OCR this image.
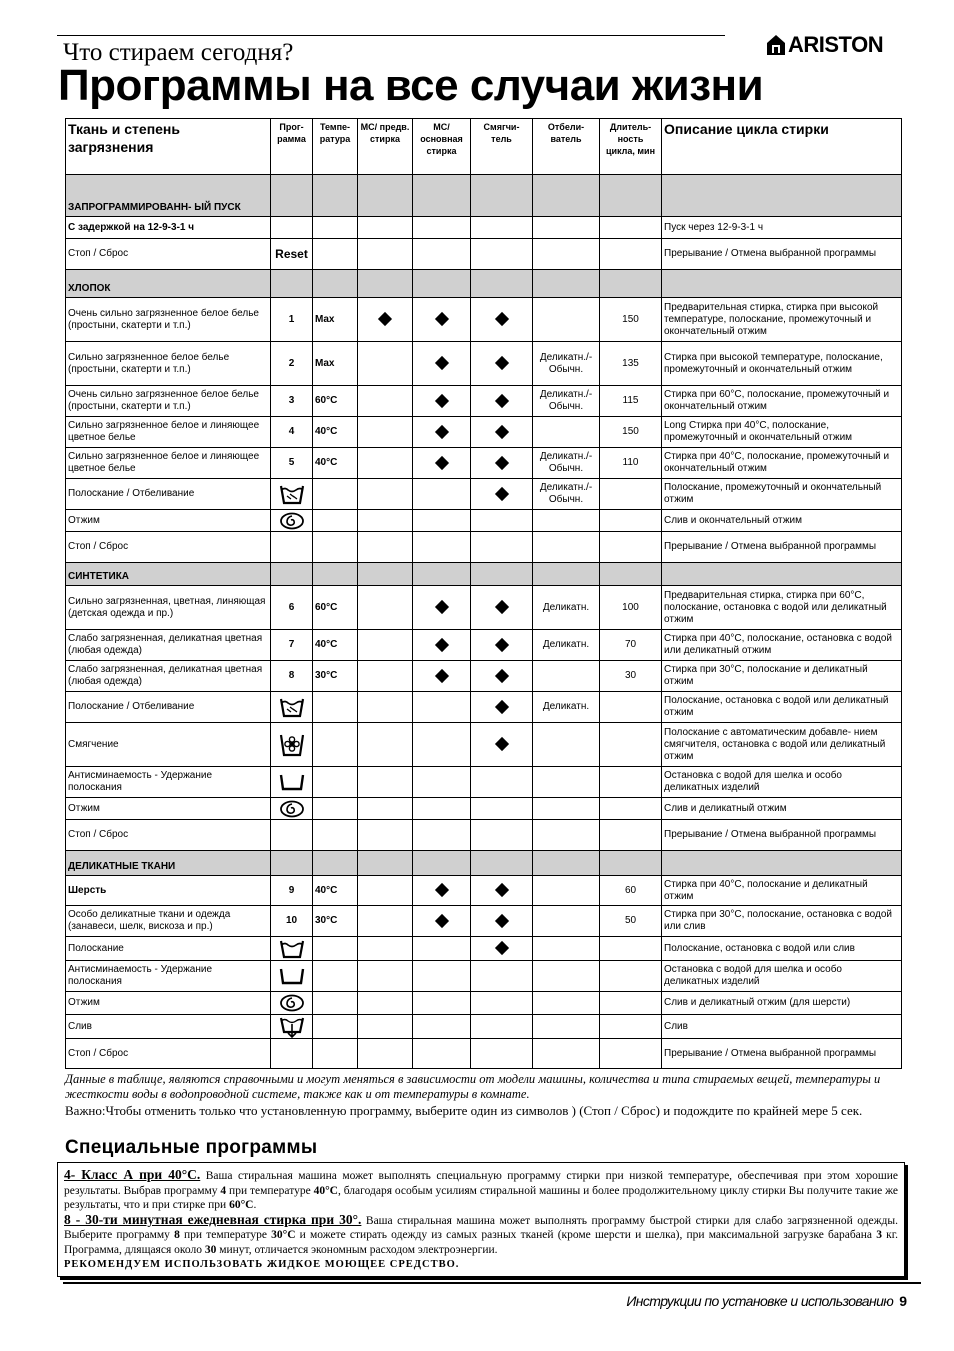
Что стираем сегодня?
Программы на все случаи жизни
ARISTON
Ткань и степень загрязнения	Прог- рамма	Темпе- ратура	МС/ предв. стирка	МС/ основная стирка	Смягчи- тель	Отбели- ватель	Длитель- ность цикла, мин	Описание цикла стирки
ЗАПРОГРАММИРОВАНН- ЫЙ ПУСК								
С задержкой на 12-9-3-1 ч								Пуск через 12-9-3-1 ч
Стоп / Сброс	Reset							Прерывание / Отмена выбранной программы
ХЛОПОК								
Очень сильно загрязненное белое белье (простыни, скатерти и т.п.)	1	Max					150	Предварительная стирка, стирка при высокой температуре, полоскание, промежуточный и окончательный отжим
Сильно загрязненное белое белье (простыни, скатерти и т.п.)	2	Max				Деликатн./- Обычн.	135	Стирка при высокой температуре, полоскание, промежуточный и окончательный отжим
Очень сильно загрязненное белое белье (простыни, скатерти и т.п.)	3	60°C				Деликатн./- Обычн.	115	Стирка при 60°C, полоскание, промежуточный и окончательный отжим
Сильно загрязненное белое и линяющее цветное белье	4	40°C					150	Long Стирка при 40°C, полоскание, промежуточный и окончательный отжим
Сильно загрязненное белое и линяющее цветное белье	5	40°C				Деликатн./- Обычн.	110	Стирка при 40°C, полоскание, промежуточный и окончательный отжим
Полоскание / Отбеливание						Деликатн./- Обычн.		Полоскание, промежуточный и окончательный отжим
Отжим								Слив и окончательный отжим
Стоп / Сброс								Прерывание / Отмена выбранной программы
СИНТЕТИКА								
Сильно загрязненная, цветная, линяющая (детская одежда и пр.)	6	60°C				Деликатн.	100	Предварительная стирка, стирка при 60°C, полоскание, остановка с водой или деликатный отжим
Слабо загрязненная, деликатная цветная (любая одежда)	7	40°C				Деликатн.	70	Стирка при 40°C, полоскание, остановка с водой или деликатный отжим
Слабо загрязненная, деликатная цветная (любая одежда)	8	30°C					30	Стирка при 30°C, полоскание и деликатный отжим
Полоскание / Отбеливание						Деликатн.		Полоскание, остановка с водой или деликатный отжим
Смягчение								Полоскание с автоматическим добавле- нием смягчителя, остановка с водой или деликатный отжим
Антисминаемость - Удержание полоскания								Остановка с водой для шелка и особо деликатных изделий
Отжим								Слив и деликатный отжим
Стоп / Сброс								Прерывание / Отмена выбранной программы
ДЕЛИКАТНЫЕ ТКАНИ								
Шерсть	9	40°C					60	Стирка при 40°C, полоскание и деликатный отжим
Особо деликатные ткани и одежда (занавеси, шелк, вискоза и пр.)	10	30°C					50	Стирка при 30°C, полоскание, остановка с водой или слив
Полоскание								Полоскание, остановка с водой или слив
Антисминаемость - Удержание полоскания								Остановка с водой для шелка и особо деликатных изделий
Отжим								Слив и деликатный отжим (для шерсти)
Слив								Слив
Стоп / Сброс								Прерывание / Отмена выбранной программы
Данные в таблице, являются справочными и могут меняться в зависимости от модели машины, количества и типа стираемых вещей, температуры и жесткости воды в водопроводной системе, также как и от температуры в комнате.
Важно:Чтобы отменить только что установленную программу, выберите один из символов ) (Стоп / Сброс) и подождите по крайней мере 5 сек.
Специальные программы

4- Класс А при 40°С. Ваша стиральная машина может выполнять специальную программу стирки при низкой температуре, обеспечивая при этом хорошие результаты. Выбрав программу 4 при температуре 40°С, благодаря особым усилиям стиральной машины и более продолжительному циклу стирки Вы получите такие же результаты, что и при стирке при 60°С.

8 - 30-ти минутная ежедневная стирка при 30°. Ваша стиральная машина может выполнять программу быстрой стирки для слабо загрязненной одежды. Выберите программу 8 при температуре 30°С и можете стирать одежду из самых разных тканей (кроме шерсти и шелка), при максимальной загрузке барабана 3 кг. Программа, длящаяся около 30 минут, отличается экономным расходом электроэнергии.

РЕКОМЕНДУЕМ ИСПОЛЬЗОВАТЬ ЖИДКОЕ МОЮЩЕЕ СРЕДСТВО.

Инструкции по установке и использованию 9
